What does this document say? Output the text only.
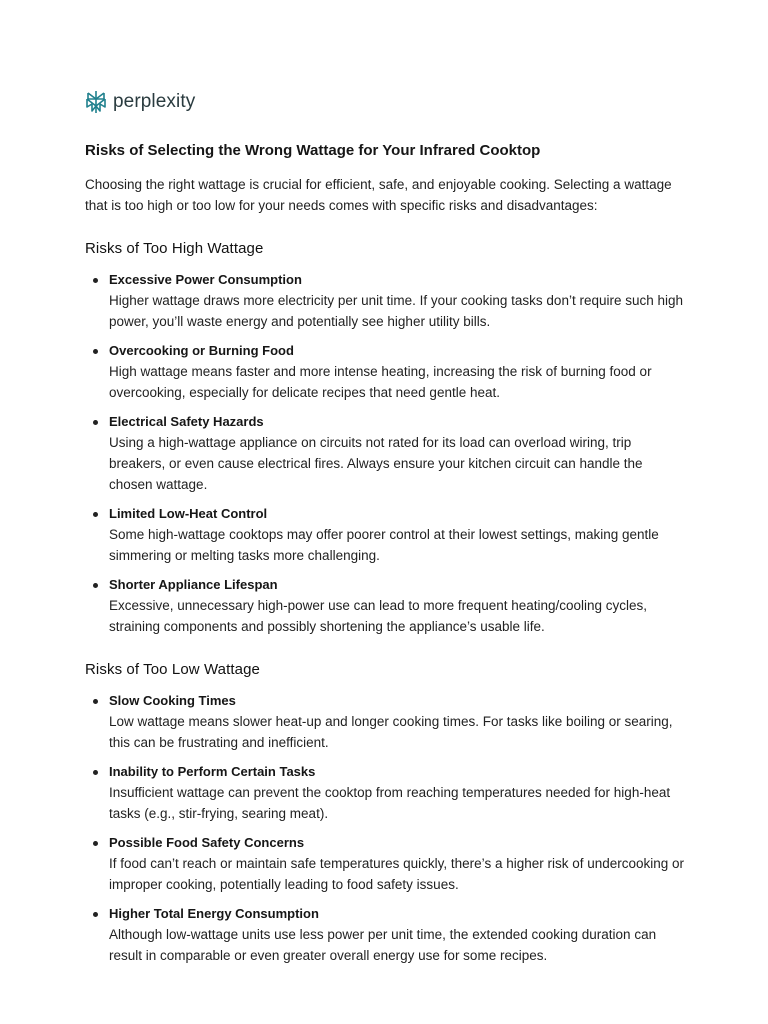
perplexity
Risks of Selecting the Wrong Wattage for Your Infrared Cooktop

Choosing the right wattage is crucial for efficient, safe, and enjoyable cooking. Selecting a wattage that is too high or too low for your needs comes with specific risks and disadvantages:

Risks of Too High Wattage
Excessive Power Consumption
Higher wattage draws more electricity per unit time. If your cooking tasks don’t require such high power, you’ll waste energy and potentially see higher utility bills.
Overcooking or Burning Food
High wattage means faster and more intense heating, increasing the risk of burning food or overcooking, especially for delicate recipes that need gentle heat.
Electrical Safety Hazards
Using a high-wattage appliance on circuits not rated for its load can overload wiring, trip breakers, or even cause electrical fires. Always ensure your kitchen circuit can handle the chosen wattage.
Limited Low-Heat Control
Some high-wattage cooktops may offer poorer control at their lowest settings, making gentle simmering or melting tasks more challenging.
Shorter Appliance Lifespan
Excessive, unnecessary high-power use can lead to more frequent heating/cooling cycles, straining components and possibly shortening the appliance’s usable life.
Risks of Too Low Wattage
Slow Cooking Times
Low wattage means slower heat-up and longer cooking times. For tasks like boiling or searing, this can be frustrating and inefficient.
Inability to Perform Certain Tasks
Insufficient wattage can prevent the cooktop from reaching temperatures needed for high-heat tasks (e.g., stir-frying, searing meat).
Possible Food Safety Concerns
If food can’t reach or maintain safe temperatures quickly, there’s a higher risk of undercooking or improper cooking, potentially leading to food safety issues.
Higher Total Energy Consumption
Although low-wattage units use less power per unit time, the extended cooking duration can result in comparable or even greater overall energy use for some recipes.
